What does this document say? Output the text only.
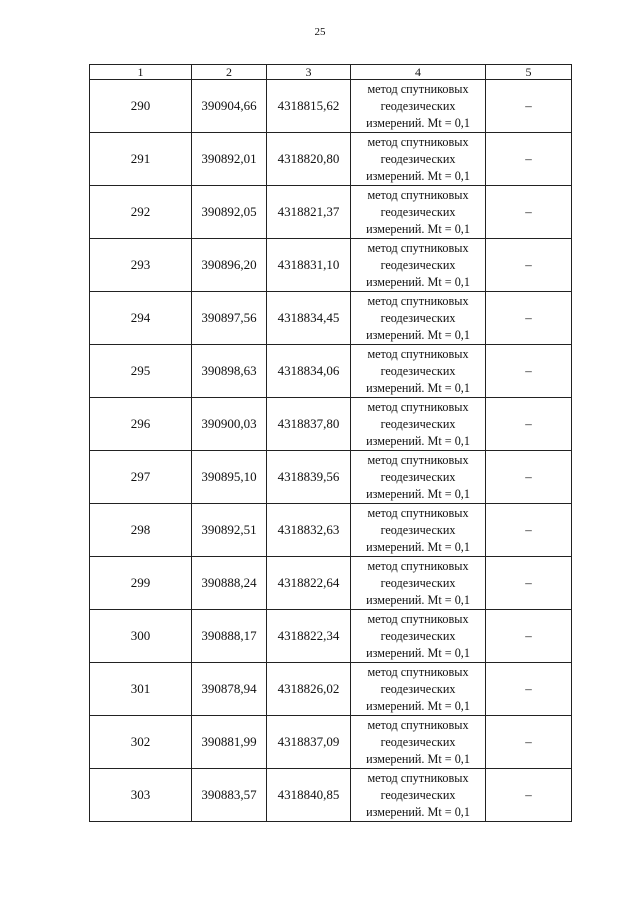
25
1	2	3	4	5
290	390904,66	4318815,62	метод спутниковых геодезических измерений. Mt = 0,1	–
291	390892,01	4318820,80	метод спутниковых геодезических измерений. Mt = 0,1	–
292	390892,05	4318821,37	метод спутниковых геодезических измерений. Mt = 0,1	–
293	390896,20	4318831,10	метод спутниковых геодезических измерений. Mt = 0,1	–
294	390897,56	4318834,45	метод спутниковых геодезических измерений. Mt = 0,1	–
295	390898,63	4318834,06	метод спутниковых геодезических измерений. Mt = 0,1	–
296	390900,03	4318837,80	метод спутниковых геодезических измерений. Mt = 0,1	–
297	390895,10	4318839,56	метод спутниковых геодезических измерений. Mt = 0,1	–
298	390892,51	4318832,63	метод спутниковых геодезических измерений. Mt = 0,1	–
299	390888,24	4318822,64	метод спутниковых геодезических измерений. Mt = 0,1	–
300	390888,17	4318822,34	метод спутниковых геодезических измерений. Mt = 0,1	–
301	390878,94	4318826,02	метод спутниковых геодезических измерений. Mt = 0,1	–
302	390881,99	4318837,09	метод спутниковых геодезических измерений. Mt = 0,1	–
303	390883,57	4318840,85	метод спутниковых геодезических измерений. Mt = 0,1	–
